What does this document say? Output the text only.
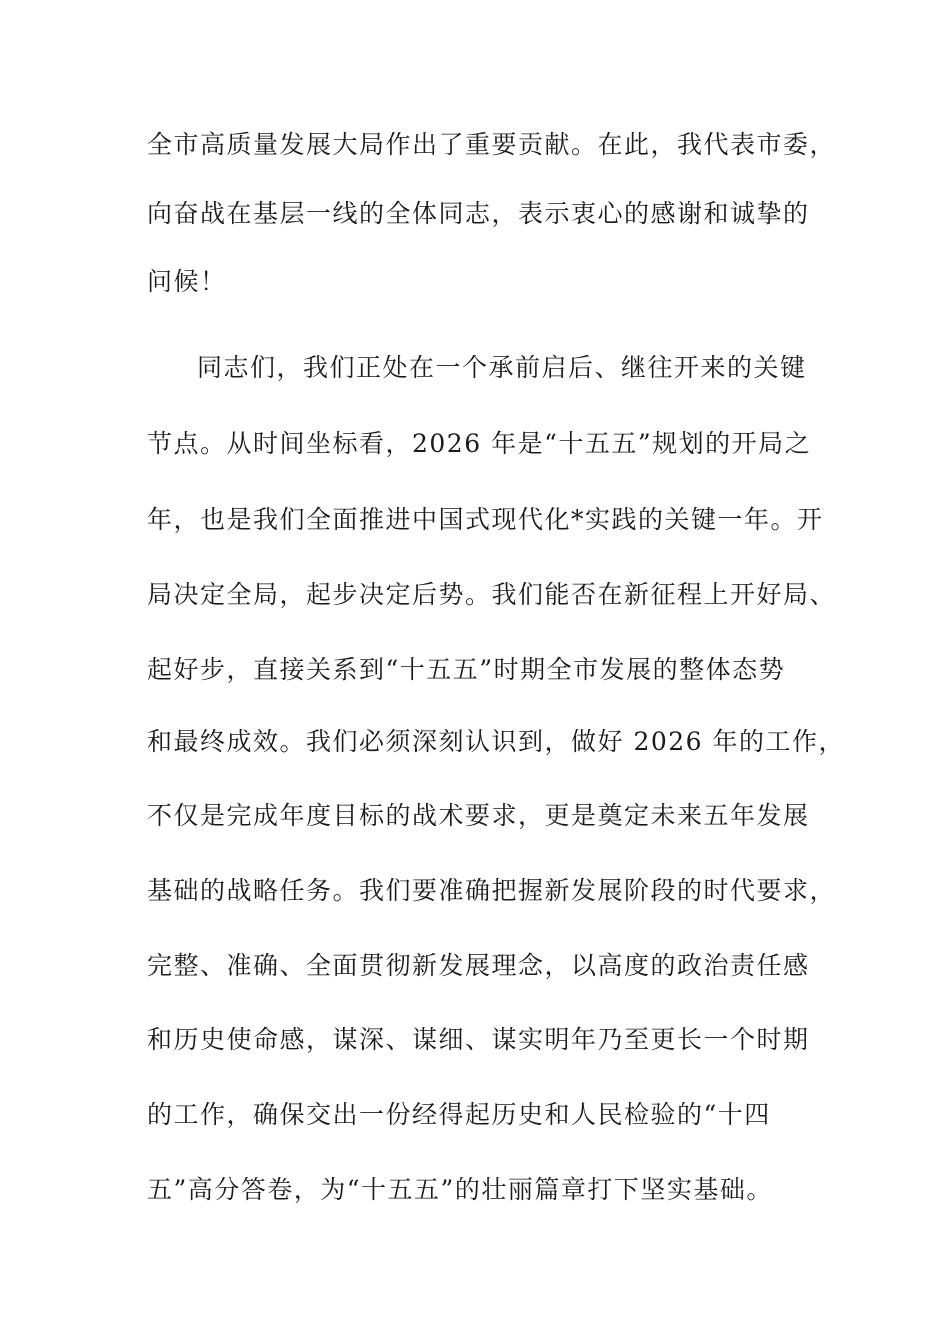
全市高质量发展大局作出了重要贡献。在此，我代表市委，
向奋战在基层一线的全体同志，表示衷心的感谢和诚挚的
问候！
同志们，我们正处在一个承前启后、继往开来的关键
节点。从时间坐标看，2026 年是“十五五”规划的开局之
年，也是我们全面推进中国式现代化*实践的关键一年。开
局决定全局，起步决定后势。我们能否在新征程上开好局、
起好步，直接关系到“十五五”时期全市发展的整体态势
和最终成效。我们必须深刻认识到，做好 2026 年的工作，
不仅是完成年度目标的战术要求，更是奠定未来五年发展
基础的战略任务。我们要准确把握新发展阶段的时代要求，
完整、准确、全面贯彻新发展理念，以高度的政治责任感
和历史使命感，谋深、谋细、谋实明年乃至更长一个时期
的工作，确保交出一份经得起历史和人民检验的“十四
五”高分答卷，为“十五五”的壮丽篇章打下坚实基础。
